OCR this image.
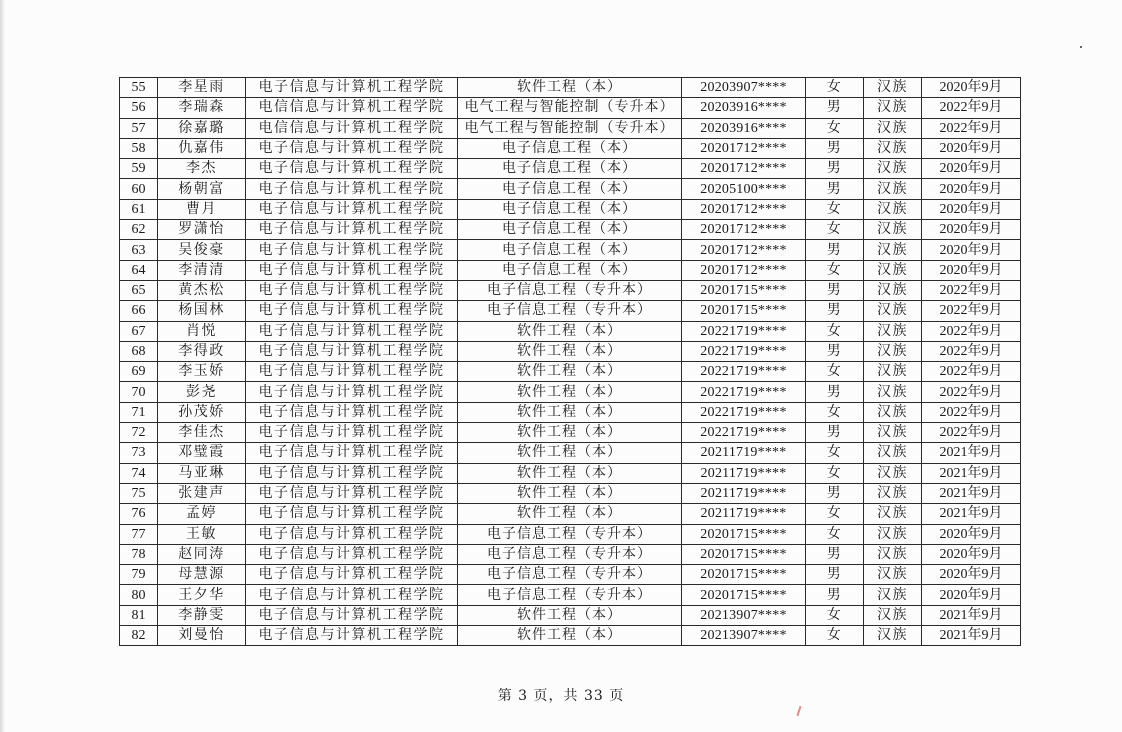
55	李星雨	电子信息与计算机工程学院	软件工程（本）	20203907****	女	汉族	2020年9月
56	李瑞森	电信信息与计算机工程学院	电气工程与智能控制（专升本）	20203916****	男	汉族	2022年9月
57	徐嘉璐	电信信息与计算机工程学院	电气工程与智能控制（专升本）	20203916****	女	汉族	2022年9月
58	仇嘉伟	电子信息与计算机工程学院	电子信息工程（本）	20201712****	男	汉族	2020年9月
59	李杰	电子信息与计算机工程学院	电子信息工程（本）	20201712****	男	汉族	2020年9月
60	杨朝富	电子信息与计算机工程学院	电子信息工程（本）	20205100****	男	汉族	2020年9月
61	曹月	电子信息与计算机工程学院	电子信息工程（本）	20201712****	女	汉族	2020年9月
62	罗潇怡	电子信息与计算机工程学院	电子信息工程（本）	20201712****	女	汉族	2020年9月
63	吴俊豪	电子信息与计算机工程学院	电子信息工程（本）	20201712****	男	汉族	2020年9月
64	李清清	电子信息与计算机工程学院	电子信息工程（本）	20201712****	女	汉族	2020年9月
65	黄杰松	电子信息与计算机工程学院	电子信息工程（专升本）	20201715****	男	汉族	2022年9月
66	杨国林	电子信息与计算机工程学院	电子信息工程（专升本）	20201715****	男	汉族	2022年9月
67	肖悦	电子信息与计算机工程学院	软件工程（本）	20221719****	女	汉族	2022年9月
68	李得政	电子信息与计算机工程学院	软件工程（本）	20221719****	男	汉族	2022年9月
69	李玉娇	电子信息与计算机工程学院	软件工程（本）	20221719****	女	汉族	2022年9月
70	彭尧	电子信息与计算机工程学院	软件工程（本）	20221719****	男	汉族	2022年9月
71	孙茂娇	电子信息与计算机工程学院	软件工程（本）	20221719****	女	汉族	2022年9月
72	李佳杰	电子信息与计算机工程学院	软件工程（本）	20221719****	男	汉族	2022年9月
73	邓璧霞	电子信息与计算机工程学院	软件工程（本）	20211719****	女	汉族	2021年9月
74	马亚琳	电子信息与计算机工程学院	软件工程（本）	20211719****	女	汉族	2021年9月
75	张建声	电子信息与计算机工程学院	软件工程（本）	20211719****	男	汉族	2021年9月
76	孟婷	电子信息与计算机工程学院	软件工程（本）	20211719****	女	汉族	2021年9月
77	王敏	电子信息与计算机工程学院	电子信息工程（专升本）	20201715****	女	汉族	2020年9月
78	赵同涛	电子信息与计算机工程学院	电子信息工程（专升本）	20201715****	男	汉族	2020年9月
79	母慧源	电子信息与计算机工程学院	电子信息工程（专升本）	20201715****	男	汉族	2020年9月
80	王夕华	电子信息与计算机工程学院	电子信息工程（专升本）	20201715****	男	汉族	2020年9月
81	李静雯	电子信息与计算机工程学院	软件工程（本）	20213907****	女	汉族	2021年9月
82	刘曼怡	电子信息与计算机工程学院	软件工程（本）	20213907****	女	汉族	2021年9月
第 3 页，共 33 页
